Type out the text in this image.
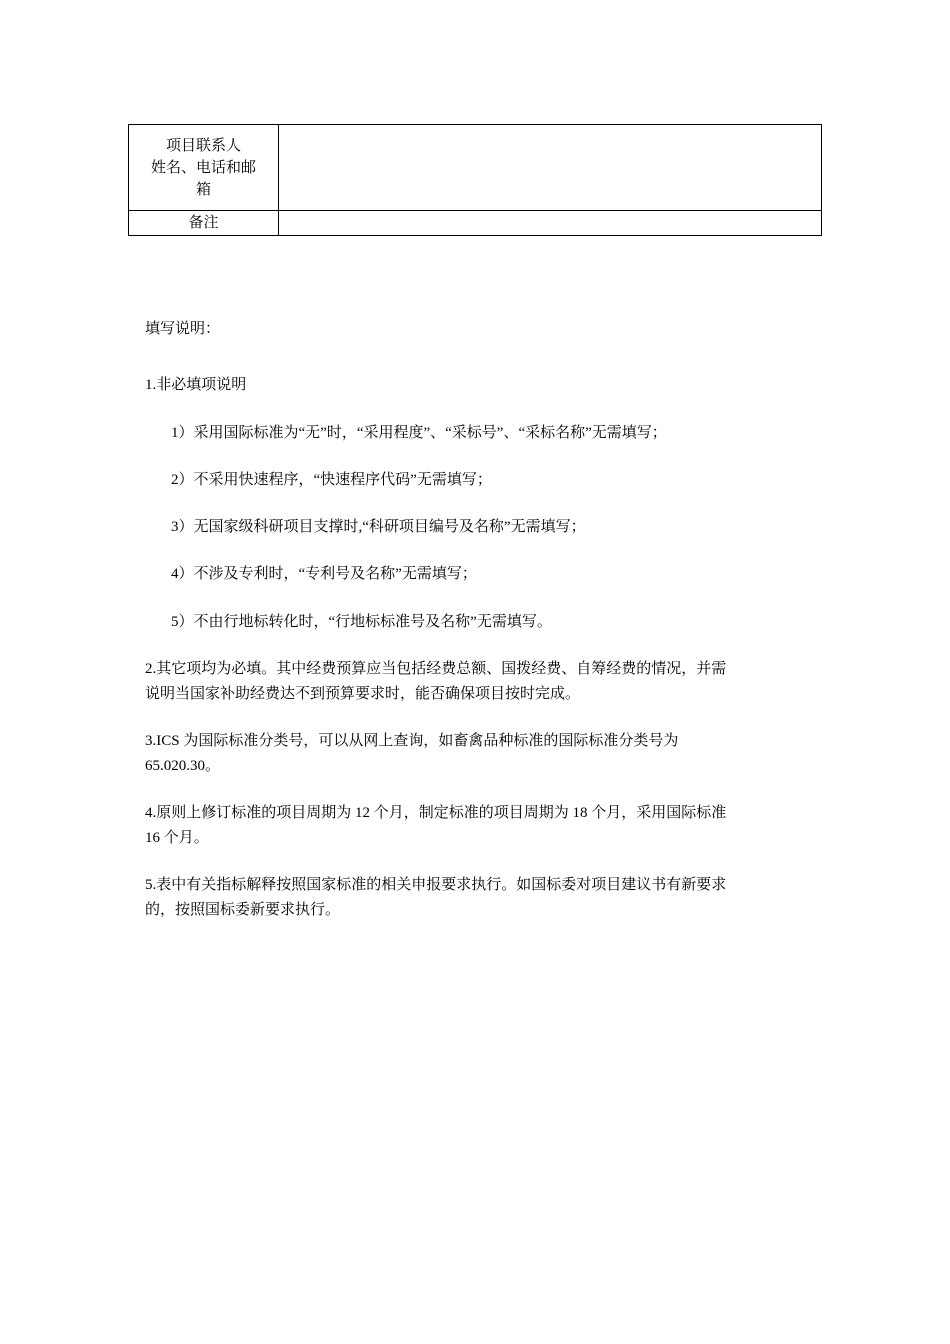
项目联系人
姓名、电话和邮
箱	

备注	

填写说明：
1.非必填项说明
1）采用国际标准为“无”时，“采用程度”、“采标号”、“采标名称”无需填写；
2）不采用快速程序，“快速程序代码”无需填写；
3）无国家级科研项目支撑时,“科研项目编号及名称”无需填写；
4）不涉及专利时，“专利号及名称”无需填写；
5）不由行地标转化时，“行地标标准号及名称”无需填写。
2.其它项均为必填。其中经费预算应当包括经费总额、国拨经费、自筹经费的情况，并需
说明当国家补助经费达不到预算要求时，能否确保项目按时完成。
3.ICS 为国际标准分类号，可以从网上查询，如畜禽品种标准的国际标准分类号为
65.020.30。
4.原则上修订标准的项目周期为 12 个月，制定标准的项目周期为 18 个月，采用国际标准
16 个月。
5.表中有关指标解释按照国家标准的相关申报要求执行。如国标委对项目建议书有新要求
的，按照国标委新要求执行。
